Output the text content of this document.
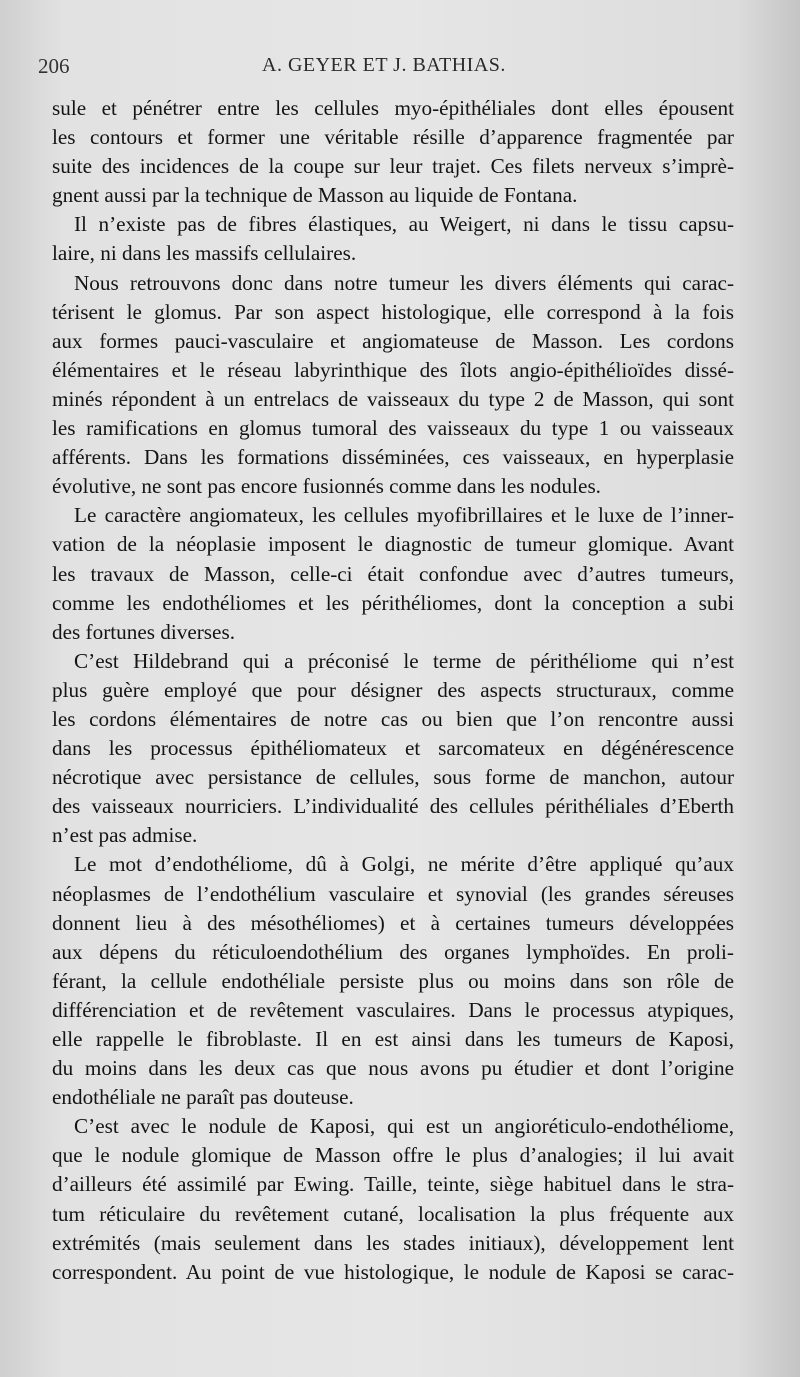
206	A. GEYER ET J. BATHIAS.
sule et pénétrer entre les cellules myo-épithéliales dont elles épousent
les contours et former une véritable résille d’apparence fragmentée par
suite des incidences de la coupe sur leur trajet. Ces filets nerveux s’imprè-
gnent aussi par la technique de Masson au liquide de Fontana.
Il n’existe pas de fibres élastiques, au Weigert, ni dans le tissu capsu-
laire, ni dans les massifs cellulaires.
Nous retrouvons donc dans notre tumeur les divers éléments qui carac-
térisent le glomus. Par son aspect histologique, elle correspond à la fois
aux formes pauci-vasculaire et angiomateuse de Masson. Les cordons
élémentaires et le réseau labyrinthique des îlots angio-épithélioïdes dissé-
minés répondent à un entrelacs de vaisseaux du type 2 de Masson, qui sont
les ramifications en glomus tumoral des vaisseaux du type 1 ou vaisseaux
afférents. Dans les formations disséminées, ces vaisseaux, en hyperplasie
évolutive, ne sont pas encore fusionnés comme dans les nodules.
Le caractère angiomateux, les cellules myofibrillaires et le luxe de l’inner-
vation de la néoplasie imposent le diagnostic de tumeur glomique. Avant
les travaux de Masson, celle-ci était confondue avec d’autres tumeurs,
comme les endothéliomes et les périthéliomes, dont la conception a subi
des fortunes diverses.
C’est Hildebrand qui a préconisé le terme de périthéliome qui n’est
plus guère employé que pour désigner des aspects structuraux, comme
les cordons élémentaires de notre cas ou bien que l’on rencontre aussi
dans les processus épithéliomateux et sarcomateux en dégénérescence
nécrotique avec persistance de cellules, sous forme de manchon, autour
des vaisseaux nourriciers. L’individualité des cellules périthéliales d’Eberth
n’est pas admise.
Le mot d’endothéliome, dû à Golgi, ne mérite d’être appliqué qu’aux
néoplasmes de l’endothélium vasculaire et synovial (les grandes séreuses
donnent lieu à des mésothéliomes) et à certaines tumeurs développées
aux dépens du réticuloendothélium des organes lymphoïdes. En proli-
férant, la cellule endothéliale persiste plus ou moins dans son rôle de
différenciation et de revêtement vasculaires. Dans le processus atypiques,
elle rappelle le fibroblaste. Il en est ainsi dans les tumeurs de Kaposi,
du moins dans les deux cas que nous avons pu étudier et dont l’origine
endothéliale ne paraît pas douteuse.
C’est avec le nodule de Kaposi, qui est un angioréticulo-endothéliome,
que le nodule glomique de Masson offre le plus d’analogies; il lui avait
d’ailleurs été assimilé par Ewing. Taille, teinte, siège habituel dans le stra-
tum réticulaire du revêtement cutané, localisation la plus fréquente aux
extrémités (mais seulement dans les stades initiaux), développement lent
correspondent. Au point de vue histologique, le nodule de Kaposi se carac-
